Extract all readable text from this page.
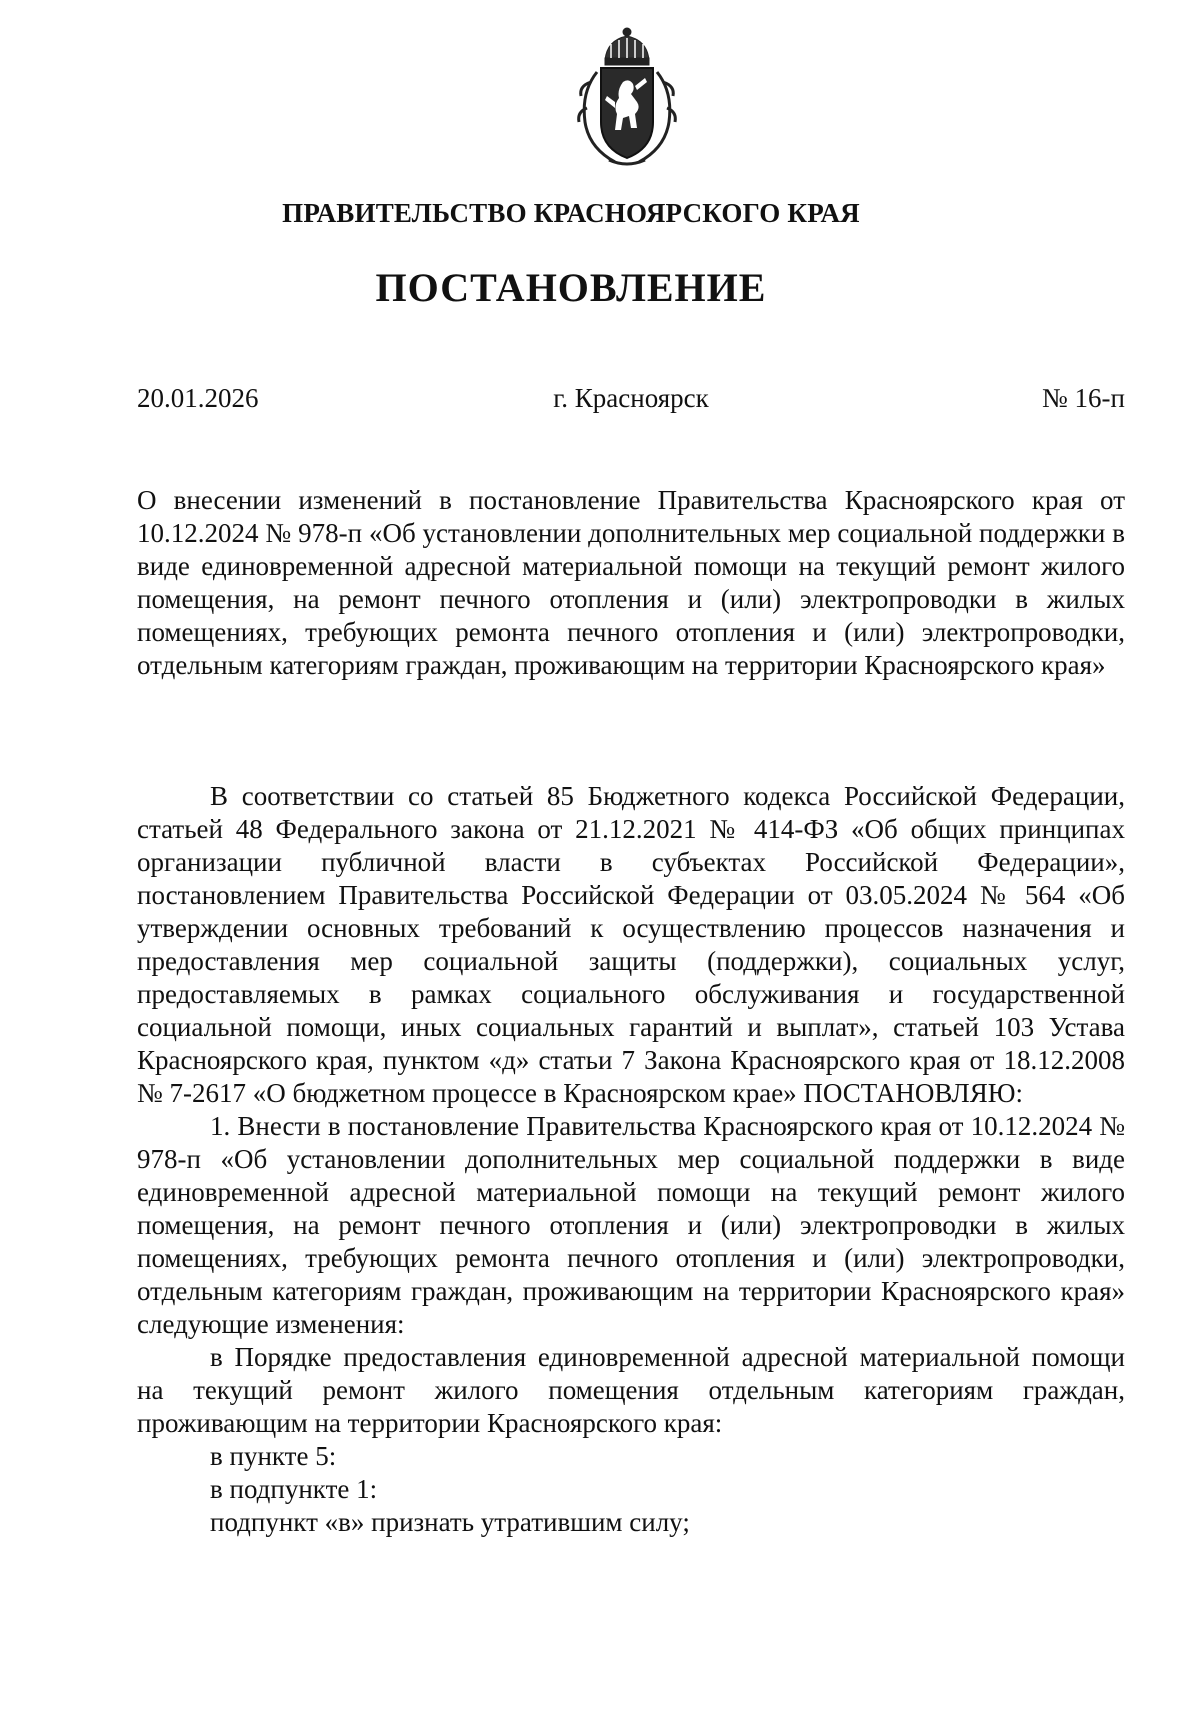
ПРАВИТЕЛЬСТВО КРАСНОЯРСКОГО КРАЯ
ПОСТАНОВЛЕНИЕ
20.01.2026	г. Красноярск	№ 16-п
О внесении изменений в постановление Правительства Красноярского края от 10.12.2024 № 978-п «Об установлении дополнительных мер социальной поддержки в виде единовременной адресной материальной помощи на текущий ремонт жилого помещения, на ремонт печного отопления и (или) электропроводки в жилых помещениях, требующих ремонта печного отопления и (или) электропроводки, отдельным категориям граждан, проживающим на территории Красноярского края»

В соответствии со статьей 85 Бюджетного кодекса Российской Федерации, статьей 48 Федерального закона от 21.12.2021 № 414-ФЗ «Об общих принципах организации публичной власти в субъектах Российской Федерации», постановлением Правительства Российской Федерации от 03.05.2024 № 564 «Об утверждении основных требований к осуществлению процессов назначения и предоставления мер социальной защиты (поддержки), социальных услуг, предоставляемых в рамках социального обслуживания и государственной социальной помощи, иных социальных гарантий и выплат», статьей 103 Устава Красноярского края, пунктом «д» статьи 7 Закона Красноярского края от 18.12.2008 № 7-2617 «О бюджетном процессе в Красноярском крае» ПОСТАНОВЛЯЮ:

1. Внести в постановление Правительства Красноярского края от 10.12.2024 № 978-п «Об установлении дополнительных мер социальной поддержки в виде единовременной адресной материальной помощи на текущий ремонт жилого помещения, на ремонт печного отопления и (или) электропроводки в жилых помещениях, требующих ремонта печного отопления и (или) электропроводки, отдельным категориям граждан, проживающим на территории Красноярского края» следующие изменения:

в Порядке предоставления единовременной адресной материальной помощи на текущий ремонт жилого помещения отдельным категориям граждан, проживающим на территории Красноярского края:

в пункте 5:

в подпункте 1:

подпункт «в» признать утратившим силу;
